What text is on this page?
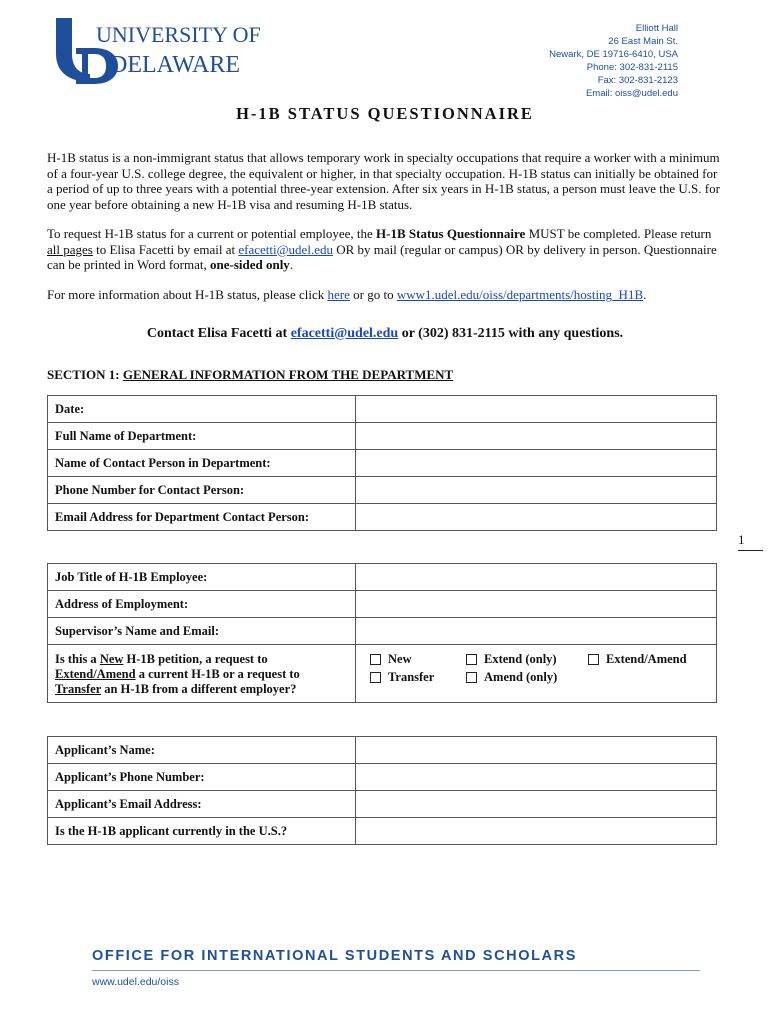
UNIVERSITY OF
DELAWARE
Elliott Hall
26 East Main St.
Newark, DE 19716-6410, USA
Phone: 302-831-2115
Fax: 302-831-2123
Email: oiss@udel.edu
H-1B STATUS QUESTIONNAIRE
H-1B status is a non-immigrant status that allows temporary work in specialty occupations that require a worker with a minimum of a four-year U.S. college degree, the equivalent or higher, in that specialty occupation. H-1B status can initially be obtained for a period of up to three years with a potential three-year extension. After six years in H-1B status, a person must leave the U.S. for one year before obtaining a new H-1B visa and resuming H-1B status.
To request H-1B status for a current or potential employee, the H-1B Status Questionnaire MUST be completed. Please return all pages to Elisa Facetti by email at efacetti@udel.edu OR by mail (regular or campus) OR by delivery in person. Questionnaire can be printed in Word format, one-sided only.
For more information about H-1B status, please click here or go to www1.udel.edu/oiss/departments/hosting_H1B.
Contact Elisa Facetti at efacetti@udel.edu or (302) 831-2115 with any questions.
SECTION 1: GENERAL INFORMATION FROM THE DEPARTMENT
Date:	
Full Name of Department:	
Name of Contact Person in Department:	
Phone Number for Contact Person:	
Email Address for Department Contact Person:	
1
Job Title of H-1B Employee:	
Address of Employment:	
Supervisor’s Name and Email:	
Is this a New H-1B petition, a request to Extend/Amend a current H-1B or a request to Transfer an H-1B from a different employer?	New Extend (only) Extend/Amend
Transfer Amend (only)
Applicant’s Name:	
Applicant’s Phone Number:	
Applicant’s Email Address:	
Is the H-1B applicant currently in the U.S.?	
OFFICE FOR INTERNATIONAL STUDENTS AND SCHOLARS
www.udel.edu/oiss
